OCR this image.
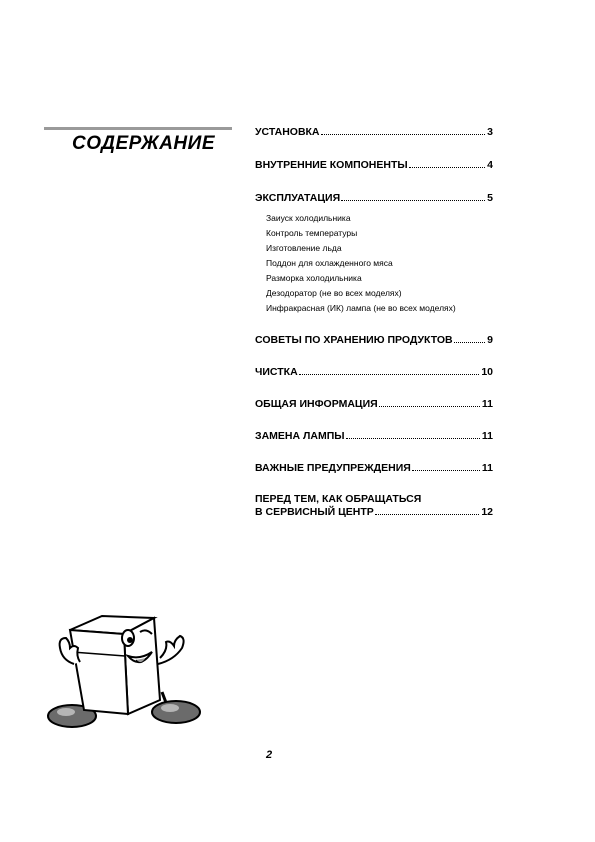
СОДЕРЖАНИЕ
УСТАНОВКА	3
ВНУТРЕННИЕ КОМПОНЕНТЫ	4
ЭКСПЛУАТАЦИЯ	5
Заиуск холодильника
Контроль температуры
Изготовление льда
Поддон для охлажденного мяса
Разморка холодильника
Дезодоратор (не во всех моделях)
Инфракрасная (ИК) лампа (не во всех моделях)
СОВЕТЫ ПО ХРАНЕНИЮ ПРОДУКТОВ	9
ЧИСТКА	10
ОБЩАЯ ИНФОРМАЦИЯ	11
ЗАМЕНА ЛАМПЫ	11
ВАЖНЫЕ ПРЕДУПРЕЖДЕНИЯ	11
ПЕРЕД ТЕМ, КАК ОБРАЩАТЬСЯ
В СЕРВИСНЫЙ ЦЕНТР	12
2
